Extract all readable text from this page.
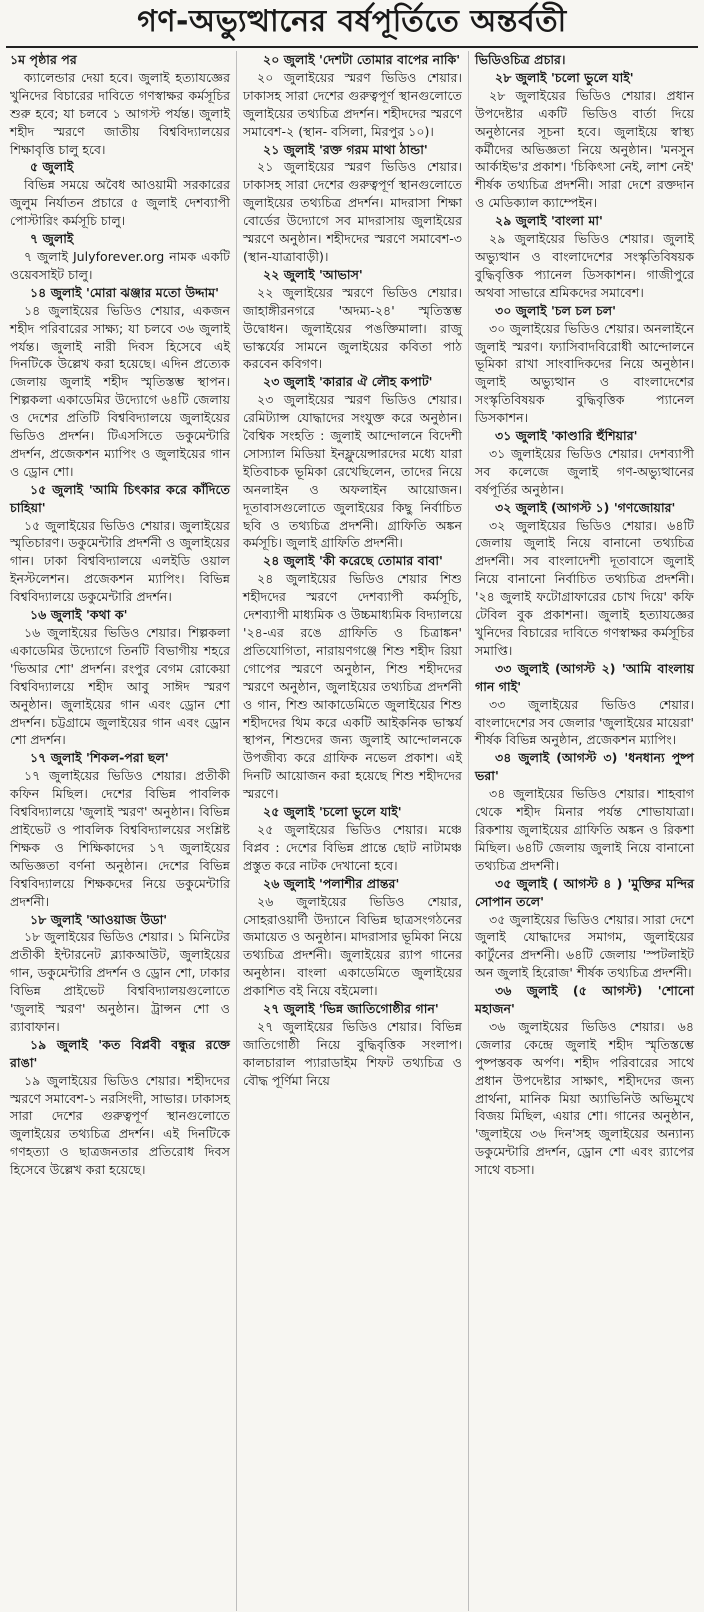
গণ-অভ্যুত্থানের বর্ষপূর্তিতে অন্তর্বতী

১ম পৃষ্ঠার পর

ক্যালেন্ডার দেয়া হবে। জুলাই হত্যাযজ্ঞের খুনিদের বিচারের দাবিতে গণস্বাক্ষর কর্মসূচির শুরু হবে; যা চলবে ১ আগস্ট পর্যন্ত। জুলাই শহীদ স্মরণে জাতীয় বিশ্ববিদ্যালয়ের শিক্ষাবৃত্তি চালু হবে।

৫ জুলাই

বিভিন্ন সময়ে অবৈধ আওয়ামী সরকারের জুলুম নির্যাতন প্রচারে ৫ জুলাই দেশব্যাপী পোস্টারিং কর্মসূচি চালু।

৭ জুলাই

৭ জুলাই Julyforever.org নামক একটি ওয়েবসাইট চালু।

১৪ জুলাই 'মোরা ঝঞ্জার মতো উদ্দাম'

১৪ জুলাইয়ের ভিডিও শেয়ার, একজন শহীদ পরিবারের সাক্ষ্য; যা চলবে ৩৬ জুলাই পর্যন্ত। জুলাই নারী দিবস হিসেবে এই দিনটিকে উল্লেখ করা হয়েছে। এদিন প্রত্যেক জেলায় জুলাই শহীদ স্মৃতিস্তম্ভ স্থাপন। শিল্পকলা একাডেমির উদ্যোগে ৬৪টি জেলায় ও দেশের প্রতিটি বিশ্ববিদ্যালয়ে জুলাইয়ের ভিডিও প্রদর্শন। টিএসসিতে ডকুমেন্টারি প্রদর্শন, প্রজেকশন ম্যাপিং ও জুলাইয়ের গান ও ড্রোন শো।

১৫ জুলাই 'আমি চিৎকার করে কাঁদিতে চাহিয়া'

১৫ জুলাইয়ের ভিডিও শেয়ার। জুলাইয়ের স্মৃতিচারণ। ডকুমেন্টারি প্রদর্শনী ও জুলাইয়ের গান। ঢাকা বিশ্ববিদ্যালয়ে এলইডি ওয়াল ইনস্টলেশন। প্রজেকশন ম্যাপিং। বিভিন্ন বিশ্ববিদ্যালয়ে ডকুমেন্টারি প্রদর্শন।

১৬ জুলাই 'কথা ক'

১৬ জুলাইয়ের ভিডিও শেয়ার। শিল্পকলা একাডেমির উদ্যোগে তিনটি বিভাগীয় শহরে 'ভিআর শো' প্রদর্শন। রংপুর বেগম রোকেয়া বিশ্ববিদ্যালয়ে শহীদ আবু সাঈদ স্মরণ অনুষ্ঠান। জুলাইয়ের গান এবং ড্রোন শো প্রদর্শন। চট্টগ্রামে জুলাইয়ের গান এবং ড্রোন শো প্রদর্শন।

১৭ জুলাই 'শিকল-পরা ছল'

১৭ জুলাইয়ের ভিডিও শেয়ার। প্রতীকী কফিন মিছিল। দেশের বিভিন্ন পাবলিক বিশ্ববিদ্যালয়ে 'জুলাই স্মরণ' অনুষ্ঠান। বিভিন্ন প্রাইভেট ও পাবলিক বিশ্ববিদ্যালয়ের সংশ্লিষ্ট শিক্ষক ও শিক্ষিকাদের ১৭ জুলাইয়ের অভিজ্ঞতা বর্ণনা অনুষ্ঠান। দেশের বিভিন্ন বিশ্ববিদ্যালয়ে শিক্ষকদের নিয়ে ডকুমেন্টারি প্রদর্শনী।

১৮ জুলাই 'আওয়াজ উডা'

১৮ জুলাইয়ের ভিডিও শেয়ার। ১ মিনিটের প্রতীকী ইন্টারনেট ব্ল্যাকআউট, জুলাইয়ের গান, ডকুমেন্টারি প্রদর্শন ও ড্রোন শো, ঢাকার বিভিন্ন প্রাইভেট বিশ্ববিদ্যালয়গুলোতে 'জুলাই স্মরণ' অনুষ্ঠান। ট্রান্সন শো ও র‍্যাবাফান।

১৯ জুলাই 'কত বিপ্লবী বন্ধুর রক্তে রাঙা'

১৯ জুলাইয়ের ভিডিও শেয়ার। শহীদদের স্মরণে সমাবেশ-১ নরসিংদী, সাভার। ঢাকাসহ সারা দেশের গুরুত্বপূর্ণ স্থানগুলোতে জুলাইয়ের তথ্যচিত্র প্রদর্শন। এই দিনটিকে গণহত্যা ও ছাত্রজনতার প্রতিরোধ দিবস হিসেবে উল্লেখ করা হয়েছে।

২০ জুলাই 'দেশটা তোমার বাপের নাকি'

২০ জুলাইয়ের স্মরণ ভিডিও শেয়ার। ঢাকাসহ সারা দেশের গুরুত্বপূর্ণ স্থানগুলোতে জুলাইয়ের তথ্যচিত্র প্রদর্শন। শহীদদের স্মরণে সমাবেশ-২ (স্থান- বসিলা, মিরপুর ১০)।

২১ জুলাই 'রক্ত গরম মাথা ঠান্ডা'

২১ জুলাইয়ের স্মরণ ভিডিও শেয়ার। ঢাকাসহ সারা দেশের গুরুত্বপূর্ণ স্থানগুলোতে জুলাইয়ের তথ্যচিত্র প্রদর্শন। মাদরাসা শিক্ষা বোর্ডের উদ্যোগে সব মাদরাসায় জুলাইয়ের স্মরণে অনুষ্ঠান। শহীদদের স্মরণে সমাবেশ-৩ (স্থান-যাত্রাবাড়ী)।

২২ জুলাই 'আভাস'

২২ জুলাইয়ের স্মরণে ভিডিও শেয়ার। জাহাঙ্গীরনগরে 'অদম্য-২৪' স্মৃতিস্তম্ভ উদ্বোধন। জুলাইয়ের পঙক্তিমালা। রাজু ভাস্কর্যের সামনে জুলাইয়ের কবিতা পাঠ করবেন কবিগণ।

২৩ জুলাই 'কারার ঐ লৌহ কপাট'

২৩ জুলাইয়ের স্মরণ ভিডিও শেয়ার। রেমিট্যান্স যোদ্ধাদের সংযুক্ত করে অনুষ্ঠান। বৈশ্বিক সংহতি : জুলাই আন্দোলনে বিদেশী সোস্যাল মিডিয়া ইনফ্লুয়েন্সারদের মধ্যে যারা ইতিবাচক ভূমিকা রেখেছিলেন, তাদের নিয়ে অনলাইন ও অফলাইন আয়োজন। দূতাবাসগুলোতে জুলাইয়ের কিছু নির্বাচিত ছবি ও তথ্যচিত্র প্রদর্শনী। গ্রাফিতি অঙ্কন কর্মসূচি। জুলাই গ্রাফিতি প্রদর্শনী।

২৪ জুলাই 'কী করেছে তোমার বাবা'

২৪ জুলাইয়ের ভিডিও শেয়ার শিশু শহীদদের স্মরণে দেশব্যাপী কর্মসূচি, দেশব্যাপী মাধ্যমিক ও উচ্চমাধ্যমিক বিদ্যালয়ে '২৪-এর রঙে গ্রাফিতি ও চিত্রাঙ্কন' প্রতিযোগিতা, নারায়ণগঞ্জে শিশু শহীদ রিয়া গোপের স্মরণে অনুষ্ঠান, শিশু শহীদদের স্মরণে অনুষ্ঠান, জুলাইয়ের তথ্যচিত্র প্রদর্শনী ও গান, শিশু আকাডেমিতে জুলাইয়ের শিশু শহীদদের থিম করে একটি আইকনিক ভাস্কর্য স্থাপন, শিশুদের জন্য জুলাই আন্দোলনকে উপজীব্য করে গ্রাফিক নভেল প্রকাশ। এই দিনটি আয়োজন করা হয়েছে শিশু শহীদদের স্মরণে।

২৫ জুলাই 'চলো ভুলে যাই'

২৫ জুলাইয়ের ভিডিও শেয়ার। মঞ্চে বিপ্লব : দেশের বিভিন্ন প্রান্তে ছোট নাটামঞ্চ প্রস্তুত করে নাটক দেখানো হবে।

২৬ জুলাই 'পলাশীর প্রান্তর'

২৬ জুলাইয়ের ভিডিও শেয়ার, সোহরাওয়ার্দী উদ্যানে বিভিন্ন ছাত্রসংগঠনের জমায়েত ও অনুষ্ঠান। মাদরাসার ভূমিকা নিয়ে তথ্যচিত্র প্রদর্শনী। জুলাইয়ের র‍্যাপ গানের অনুষ্ঠান। বাংলা একাডেমিতে জুলাইয়ের প্রকাশিত বই নিয়ে বইমেলা।

২৭ জুলাই 'ভিন্ন জাতিগোষ্ঠীর গান'

২৭ জুলাইয়ের ভিডিও শেয়ার। বিভিন্ন জাতিগোষ্ঠী নিয়ে বুদ্ধিবৃত্তিক সংলাপ। কালচারাল প্যারাডাইম শিফট তথ্যচিত্র ও বৌদ্ধ পূর্ণিমা নিয়ে

ভিডিওচিত্র প্রচার।

২৮ জুলাই 'চলো ভুলে যাই'

২৮ জুলাইয়ের ভিডিও শেয়ার। প্রধান উপদেষ্টার একটি ভিডিও বার্তা দিয়ে অনুষ্ঠানের সূচনা হবে। জুলাইয়ে স্বাস্থ্য কর্মীদের অভিজ্ঞতা নিয়ে অনুষ্ঠান। 'মনসুন আর্কাইভ'র প্রকাশ। 'চিকিৎসা নেই, লাশ নেই' শীর্ষক তথ্যচিত্র প্রদর্শনী। সারা দেশে রক্তদান ও মেডিক্যাল ক্যাম্পেইন।

২৯ জুলাই 'বাংলা মা'

২৯ জুলাইয়ের ভিডিও শেয়ার। জুলাই অভ্যুত্থান ও বাংলাদেশের সংস্কৃতিবিষয়ক বুদ্ধিবৃত্তিক প্যানেল ডিসকাশন। গাজীপুরে অথবা সাভারে শ্রমিকদের সমাবেশ।

৩০ জুলাই 'চল চল চল'

৩০ জুলাইয়ের ভিডিও শেয়ার। অনলাইনে জুলাই স্মরণ। ফ্যাসিবাদবিরোধী আন্দোলনে ভূমিকা রাখা সাংবাদিকদের নিয়ে অনুষ্ঠান। জুলাই অভ্যুত্থান ও বাংলাদেশের সংস্কৃতিবিষয়ক বুদ্ধিবৃত্তিক প্যানেল ডিসকাশন।

৩১ জুলাই 'কাণ্ডারি হুঁশিয়ার'

৩১ জুলাইয়ের ভিডিও শেয়ার। দেশব্যাপী সব কলেজে জুলাই গণ-অভ্যুত্থানের বর্ষপূর্তির অনুষ্ঠান।

৩২ জুলাই (আগস্ট ১) 'গণজোয়ার'

৩২ জুলাইয়ের ভিডিও শেয়ার। ৬৪টি জেলায় জুলাই নিয়ে বানানো তথ্যচিত্র প্রদর্শনী। সব বাংলাদেশী দূতাবাসে জুলাই নিয়ে বানানো নির্বাচিত তথ্যচিত্র প্রদর্শনী। '২৪ জুলাই ফটোগ্রাফারের চোখ দিয়ে' কফি টেবিল বুক প্রকাশনা। জুলাই হত্যাযজ্ঞের খুনিদের বিচারের দাবিতে গণস্বাক্ষর কর্মসূচির সমাপ্তি।

৩৩ জুলাই (আগস্ট ২) 'আমি বাংলায় গান গাই'

৩৩ জুলাইয়ের ভিডিও শেয়ার। বাংলাদেশের সব জেলার 'জুলাইয়ের মায়েরা' শীর্ষক বিভিন্ন অনুষ্ঠান, প্রজেকশন ম্যাপিং।

৩৪ জুলাই (আগস্ট ৩) 'ধনধান্য পুষ্প ভরা'

৩৪ জুলাইয়ের ভিডিও শেয়ার। শাহবাগ থেকে শহীদ মিনার পর্যন্ত শোভাযাত্রা। রিকশায় জুলাইয়ের গ্রাফিতি অঙ্কন ও রিকশা মিছিল। ৬৪টি জেলায় জুলাই নিয়ে বানানো তথ্যচিত্র প্রদর্শনী।

৩৫ জুলাই ( আগস্ট ৪ ) 'মুক্তির মন্দির সোপান তলে'

৩৫ জুলাইয়ের ভিডিও শেয়ার। সারা দেশে জুলাই যোদ্ধাদের সমাগম, জুলাইয়ের কার্টুনের প্রদর্শনী। ৬৪টি জেলায় 'স্পটলাইট অন জুলাই হিরোজ' শীর্ষক তথ্যচিত্র প্রদর্শনী।

৩৬ জুলাই (৫ আগস্ট) 'শোনো মহাজন'

৩৬ জুলাইয়ের ভিডিও শেয়ার। ৬৪ জেলার কেন্দ্রে জুলাই শহীদ স্মৃতিস্তম্ভে পুষ্পস্তবক অর্পণ। শহীদ পরিবারের সাথে প্রধান উপদেষ্টার সাক্ষাৎ, শহীদদের জন্য প্রার্থনা, মানিক মিয়া অ্যাভিনিউ অভিমুখে বিজয় মিছিল, এয়ার শো। গানের অনুষ্ঠান, 'জুলাইয়ে ৩৬ দিন'সহ জুলাইয়ের অন্যান্য ডকুমেন্টারি প্রদর্শন, ড্রোন শো এবং র‍্যাপের সাথে বচসা।
